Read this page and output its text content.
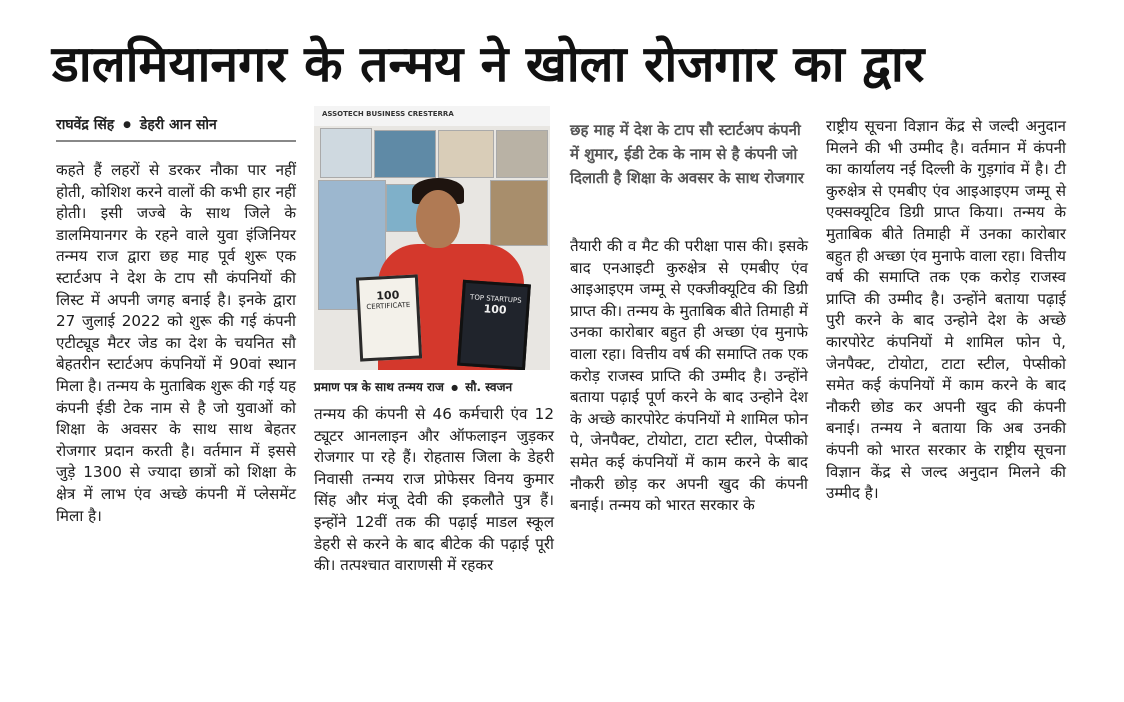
डालमियानगर के तन्मय ने खोला रोजगार का द्वार
राघवेंद्र सिंह ● डेहरी आन सोन
कहते हैं लहरों से डरकर नौका पार नहीं होती, कोशिश करने वालों की कभी हार नहीं होती। इसी जज्बे के साथ जिले के डालमियानगर के रहने वाले युवा इंजिनियर तन्मय राज द्वारा छह माह पूर्व शुरू एक स्टार्टअप ने देश के टाप सौ कंपनियों की लिस्ट में अपनी जगह बनाई है। इनके द्वारा 27 जुलाई 2022 को शुरू की गई कंपनी एटीट्यूड मैटर जेड का देश के चयनित सौ बेहतरीन स्टार्टअप कंपनियों में 90वां स्थान मिला है। तन्मय के मुताबिक शुरू की गई यह कंपनी ईडी टेक नाम से है जो युवाओं को शिक्षा के अवसर के साथ साथ बेहतर रोजगार प्रदान करती है। वर्तमान में इससे जुड़े 1300 से ज्यादा छात्रों को शिक्षा के क्षेत्र में लाभ एंव अच्छे कंपनी में प्लेसमेंट मिला है।
ASSOTECH BUSINESS CRESTERRA
100
CERTIFICATE
TOP STARTUPS
100
प्रमाण पत्र के साथ तन्मय राज ● सौ. स्वजन
तन्मय की कंपनी से 46 कर्मचारी एंव 12 ट्यूटर आनलाइन और ऑफलाइन जुड़कर रोजगार पा रहे हैं। रोहतास जिला के डेहरी निवासी तन्मय राज प्रोफेसर विनय कुमार सिंह और मंजू देवी की इकलौते पुत्र हैं। इन्होंने 12वीं तक की पढ़ाई माडल स्कूल डेहरी से करने के बाद बीटेक की पढ़ाई पूरी की। तत्पश्चात वाराणसी में रहकर
छह माह में देश के टाप सौ स्टार्टअप कंपनी में शुमार, ईडी टेक के नाम से है कंपनी जो दिलाती है शिक्षा के अवसर के साथ रोजगार
तैयारी की व मैट की परीक्षा पास की। इसके बाद एनआइटी कुरुक्षेत्र से एमबीए एंव आइआइएम जम्मू से एक्जीक्यूटिव की डिग्री प्राप्त की। तन्मय के मुताबिक बीते तिमाही में उनका कारोबार बहुत ही अच्छा एंव मुनाफे वाला रहा। वित्तीय वर्ष की समाप्ति तक एक करोड़ राजस्व प्राप्ति की उम्मीद है। उन्होंने बताया पढ़ाई पूर्ण करने के बाद उन्होने देश के अच्छे कारपोरेट कंपनियों मे शामिल फोन पे, जेनपैक्ट, टोयोटा, टाटा स्टील, पेप्सीको समेत कई कंपनियों में काम करने के बाद नौकरी छोड़ कर अपनी खुद की कंपनी बनाई। तन्मय को भारत सरकार के
राष्ट्रीय सूचना विज्ञान केंद्र से जल्दी अनुदान मिलने की भी उम्मीद है। वर्तमान में कंपनी का कार्यालय नई दिल्ली के गुड़गांव में है। टी कुरुक्षेत्र से एमबीए एंव आइआइएम जम्मू से एक्सक्यूटिव डिग्री प्राप्त किया। तन्मय के मुताबिक बीते तिमाही में उनका कारोबार बहुत ही अच्छा एंव मुनाफे वाला रहा। वित्तीय वर्ष की समाप्ति तक एक करोड़ राजस्व प्राप्ति की उम्मीद है। उन्होंने बताया पढ़ाई पुरी करने के बाद उन्होने देश के अच्छे कारपोरेट कंपनियों मे शामिल फोन पे, जेनपैक्ट, टोयोटा, टाटा स्टील, पेप्सीको समेत कई कंपनियों में काम करने के बाद नौकरी छोड कर अपनी खुद की कंपनी बनाई। तन्मय ने बताया कि अब उनकी कंपनी को भारत सरकार के राष्ट्रीय सूचना विज्ञान केंद्र से जल्द अनुदान मिलने की उम्मीद है।
